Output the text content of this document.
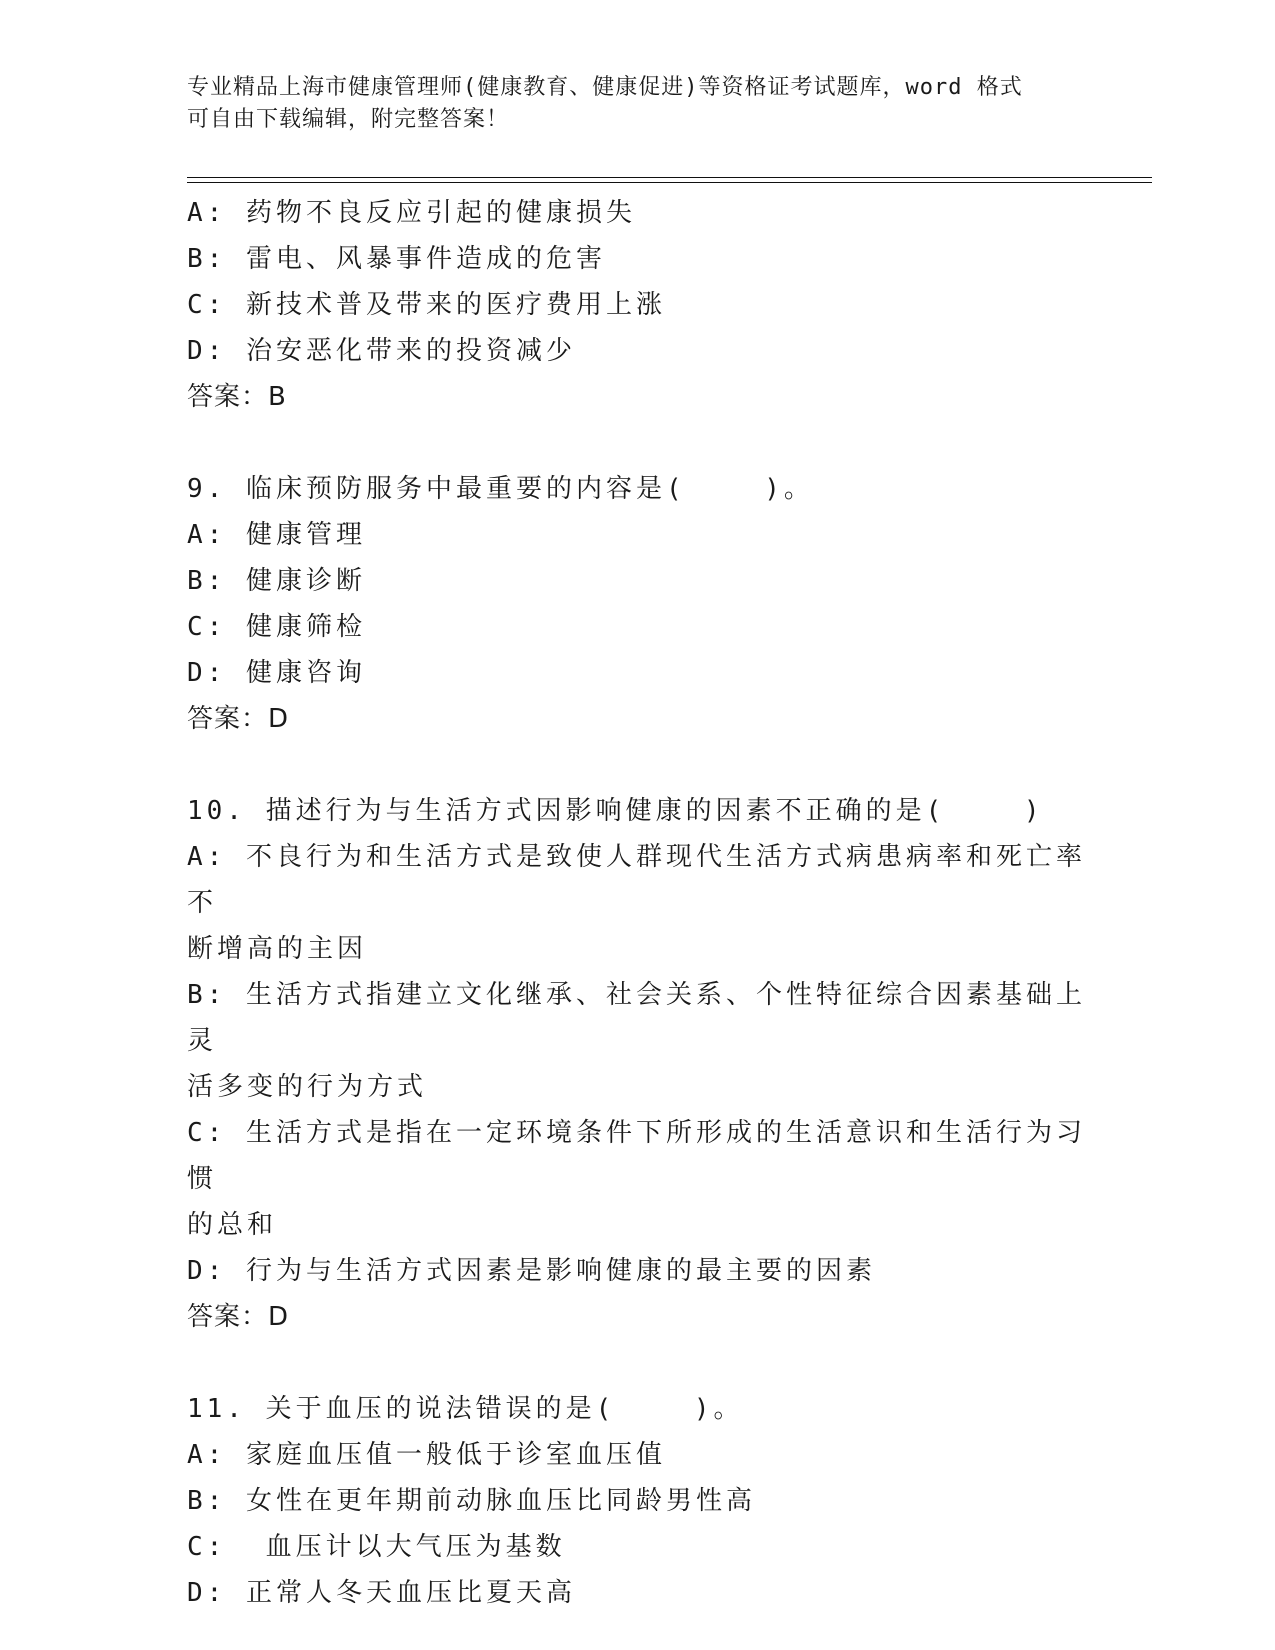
专业精品上海市健康管理师(健康教育、健康促进)等资格证考试题库，word 格式
可自由下载编辑，附完整答案！
A: 药物不良反应引起的健康损失
B: 雷电、风暴事件造成的危害
C: 新技术普及带来的医疗费用上涨
D: 治安恶化带来的投资减少
答案：B
9. 临床预防服务中最重要的内容是(    )。
A: 健康管理
B: 健康诊断
C: 健康筛检
D: 健康咨询
答案：D
10. 描述行为与生活方式因影响健康的因素不正确的是(    )
A: 不良行为和生活方式是致使人群现代生活方式病患病率和死亡率不
断增高的主因
B: 生活方式指建立文化继承、社会关系、个性特征综合因素基础上灵
活多变的行为方式
C: 生活方式是指在一定环境条件下所形成的生活意识和生活行为习惯
的总和
D: 行为与生活方式因素是影响健康的最主要的因素
答案：D
11. 关于血压的说法错误的是(    )。
A: 家庭血压值一般低于诊室血压值
B: 女性在更年期前动脉血压比同龄男性高
C:  血压计以大气压为基数
D: 正常人冬天血压比夏天高
